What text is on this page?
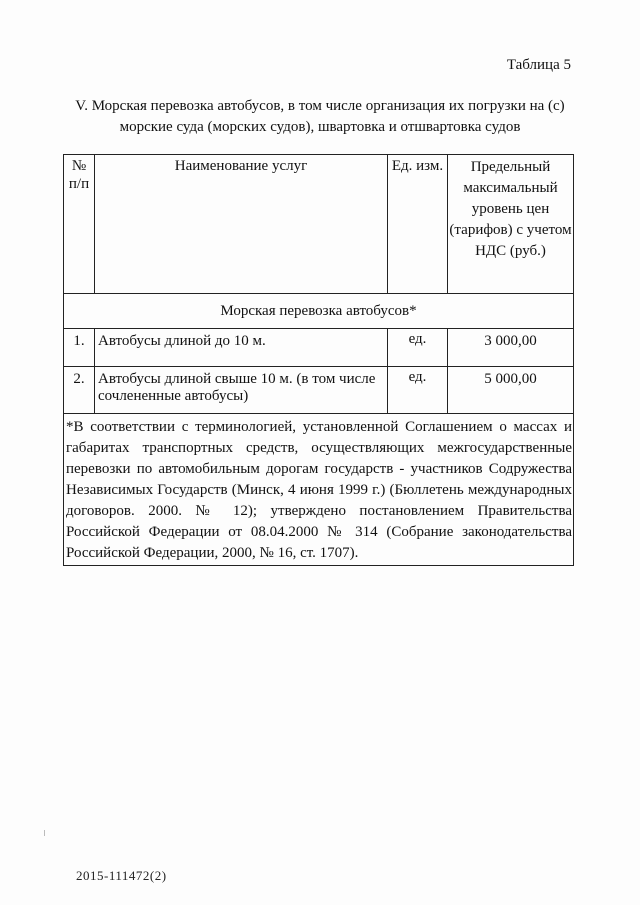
Таблица 5
V. Морская перевозка автобусов, в том числе организация их погрузки на (с) морские суда (морских судов), швартовка и отшвартовка судов
№ п/п	Наименование услуг	Ед. изм.	Предельный максимальный уровень цен (тарифов) с учетом НДС (руб.)
Морская перевозка автобусов*			
1.	Автобусы длиной до 10 м.	ед.	3 000,00
2.	Автобусы длиной свыше 10 м. (в том числе сочлененные автобусы)	ед.	5 000,00
*В соответствии с терминологией, установленной Соглашением о массах и габаритах транспортных средств, осуществляющих межгосударственные перевозки по автомобильным дорогам государств - участников Содружества Независимых Государств (Минск, 4 июня 1999 г.) (Бюллетень международных договоров. 2000. № 12); утверждено постановлением Правительства Российской Федерации от 08.04.2000 № 314 (Собрание законодательства Российской Федерации, 2000, № 16, ст. 1707).			
2015-111472(2)
